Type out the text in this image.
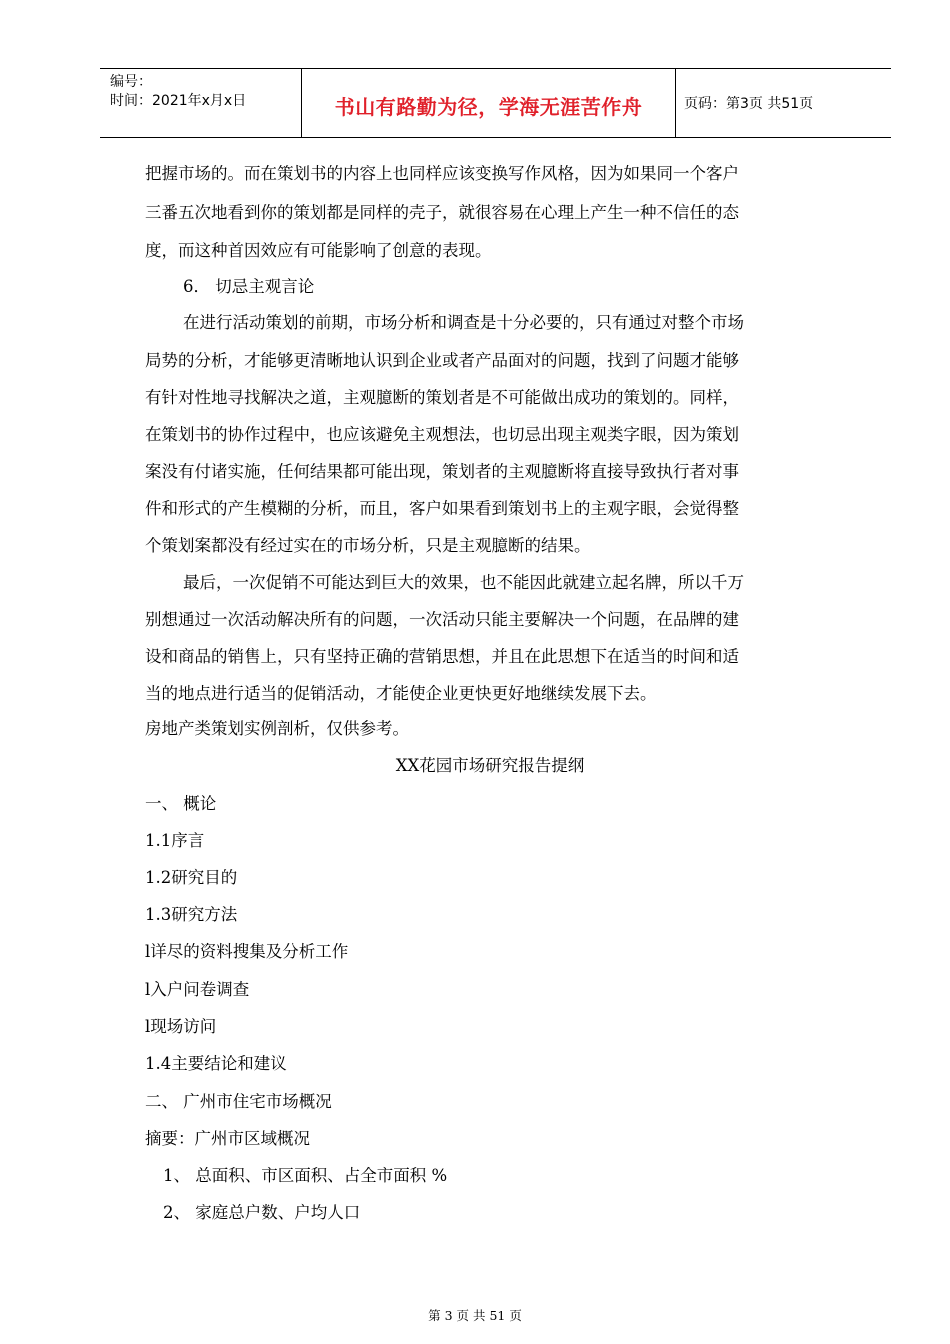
编号：
时间：2021年x月x日	书山有路勤为径，学海无涯苦作舟	页码：第3页 共51页
把握市场的。而在策划书的内容上也同样应该变换写作风格，因为如果同一个客户
三番五次地看到你的策划都是同样的壳子，就很容易在心理上产生一种不信任的态
度，而这种首因效应有可能影响了创意的表现。
6． 切忌主观言论
在进行活动策划的前期，市场分析和调查是十分必要的，只有通过对整个市场
局势的分析，才能够更清晰地认识到企业或者产品面对的问题，找到了问题才能够
有针对性地寻找解决之道，主观臆断的策划者是不可能做出成功的策划的。同样，
在策划书的协作过程中，也应该避免主观想法，也切忌出现主观类字眼，因为策划
案没有付诸实施，任何结果都可能出现，策划者的主观臆断将直接导致执行者对事
件和形式的产生模糊的分析，而且，客户如果看到策划书上的主观字眼，会觉得整
个策划案都没有经过实在的市场分析，只是主观臆断的结果。
最后，一次促销不可能达到巨大的效果，也不能因此就建立起名牌，所以千万
别想通过一次活动解决所有的问题，一次活动只能主要解决一个问题，在品牌的建
设和商品的销售上，只有坚持正确的营销思想，并且在此思想下在适当的时间和适
当的地点进行适当的促销活动，才能使企业更快更好地继续发展下去。
房地产类策划实例剖析，仅供参考。
XX花园市场研究报告提纲
一、 概论
1.1序言
1.2研究目的
1.3研究方法
l详尽的资料搜集及分析工作
l入户问卷调查
l现场访问
1.4主要结论和建议
二、 广州市住宅市场概况
摘要：广州市区域概况
1、 总面积、市区面积、占全市面积 %
2、 家庭总户数、户均人口
第 3 页 共 51 页
